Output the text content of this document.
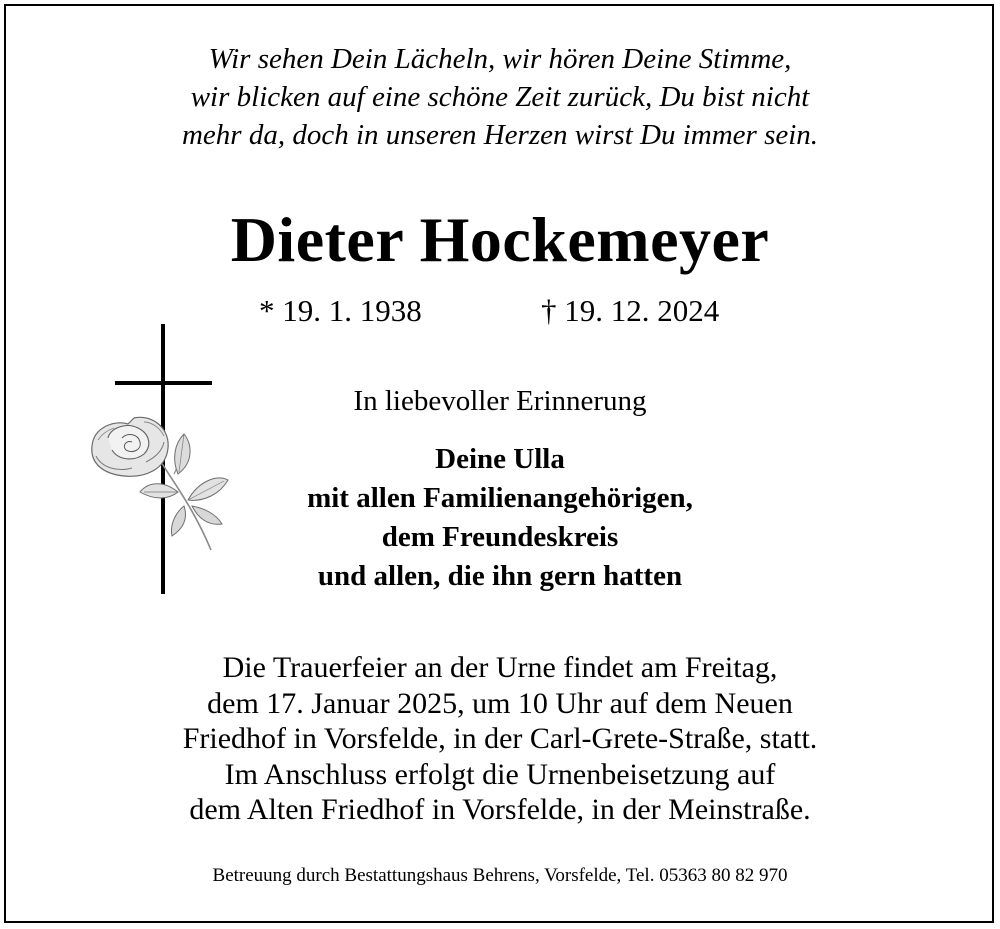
Wir sehen Dein Lächeln, wir hören Deine Stimme,
wir blicken auf eine schöne Zeit zurück, Du bist nicht
mehr da, doch in unseren Herzen wirst Du immer sein.
Dieter Hockemeyer
* 19. 1. 1938	† 19. 12. 2024
In liebevoller Erinnerung
Deine Ulla
mit allen Familienangehörigen,
dem Freundeskreis
und allen, die ihn gern hatten
Die Trauerfeier an der Urne findet am Freitag,
dem 17. Januar 2025, um 10 Uhr auf dem Neuen
Friedhof in Vorsfelde, in der Carl-Grete-Straße, statt.
Im Anschluss erfolgt die Urnenbeisetzung auf
dem Alten Friedhof in Vorsfelde, in der Meinstraße.
Betreuung durch Bestattungshaus Behrens, Vorsfelde, Tel. 05363 80 82 970
